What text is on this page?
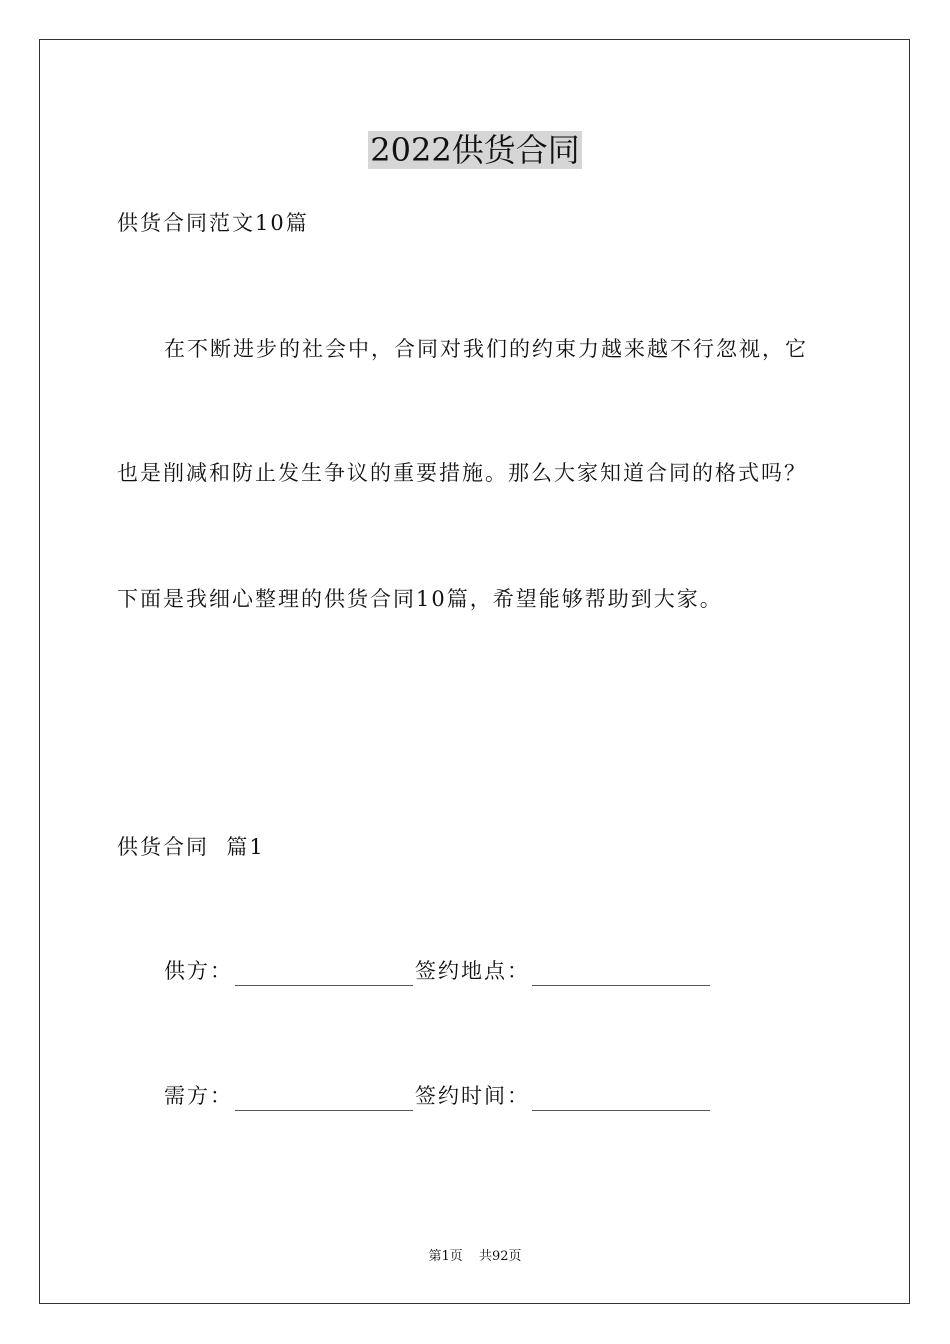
2022供货合同
供货合同范文10篇
在不断进步的社会中，合同对我们的约束力越来越不行忽视，它
也是削减和防止发生争议的重要措施。那么大家知道合同的格式吗？
下面是我细心整理的供货合同10篇，希望能够帮助到大家。
供货合同  篇1
供方：	签约地点：
需方：	签约时间：
第1页 共92页
